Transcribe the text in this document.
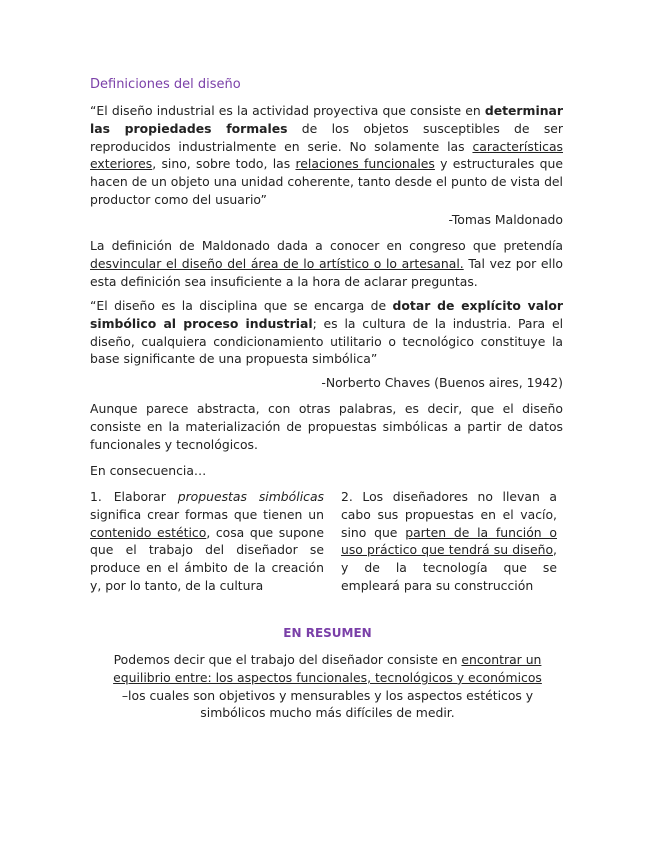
Definiciones del diseño
“El diseño industrial es la actividad proyectiva que consiste en determinar las propiedades formales de los objetos susceptibles de ser reproducidos industrialmente en serie. No solamente las características exteriores, sino, sobre todo, las relaciones funcionales y estructurales que hacen de un objeto una unidad coherente, tanto desde el punto de vista del productor como del usuario”
-Tomas Maldonado
La definición de Maldonado dada a conocer en congreso que pretendía desvincular el diseño del área de lo artístico o lo artesanal. Tal vez por ello esta definición sea insuficiente a la hora de aclarar preguntas.
“El diseño es la disciplina que se encarga de dotar de explícito valor simbólico al proceso industrial; es la cultura de la industria. Para el diseño, cualquiera condicionamiento utilitario o tecnológico constituye la base significante de una propuesta simbólica”
-Norberto Chaves (Buenos aires, 1942)
Aunque parece abstracta, con otras palabras, es decir, que el diseño consiste en la materialización de propuestas simbólicas a partir de datos funcionales y tecnológicos.
En consecuencia…
1. Elaborar propuestas simbólicas significa crear formas que tienen un contenido estético, cosa que supone que el trabajo del diseñador se produce en el ámbito de la creación y, por lo tanto, de la cultura
2. Los diseñadores no llevan a cabo sus propuestas en el vacío, sino que parten de la función o uso práctico que tendrá su diseño, y de la tecnología que se empleará para su construcción
EN RESUMEN
Podemos decir que el trabajo del diseñador consiste en encontrar un equilibrio entre: los aspectos funcionales, tecnológicos y económicos –los cuales son objetivos y mensurables y los aspectos estéticos y simbólicos mucho más difíciles de medir.
